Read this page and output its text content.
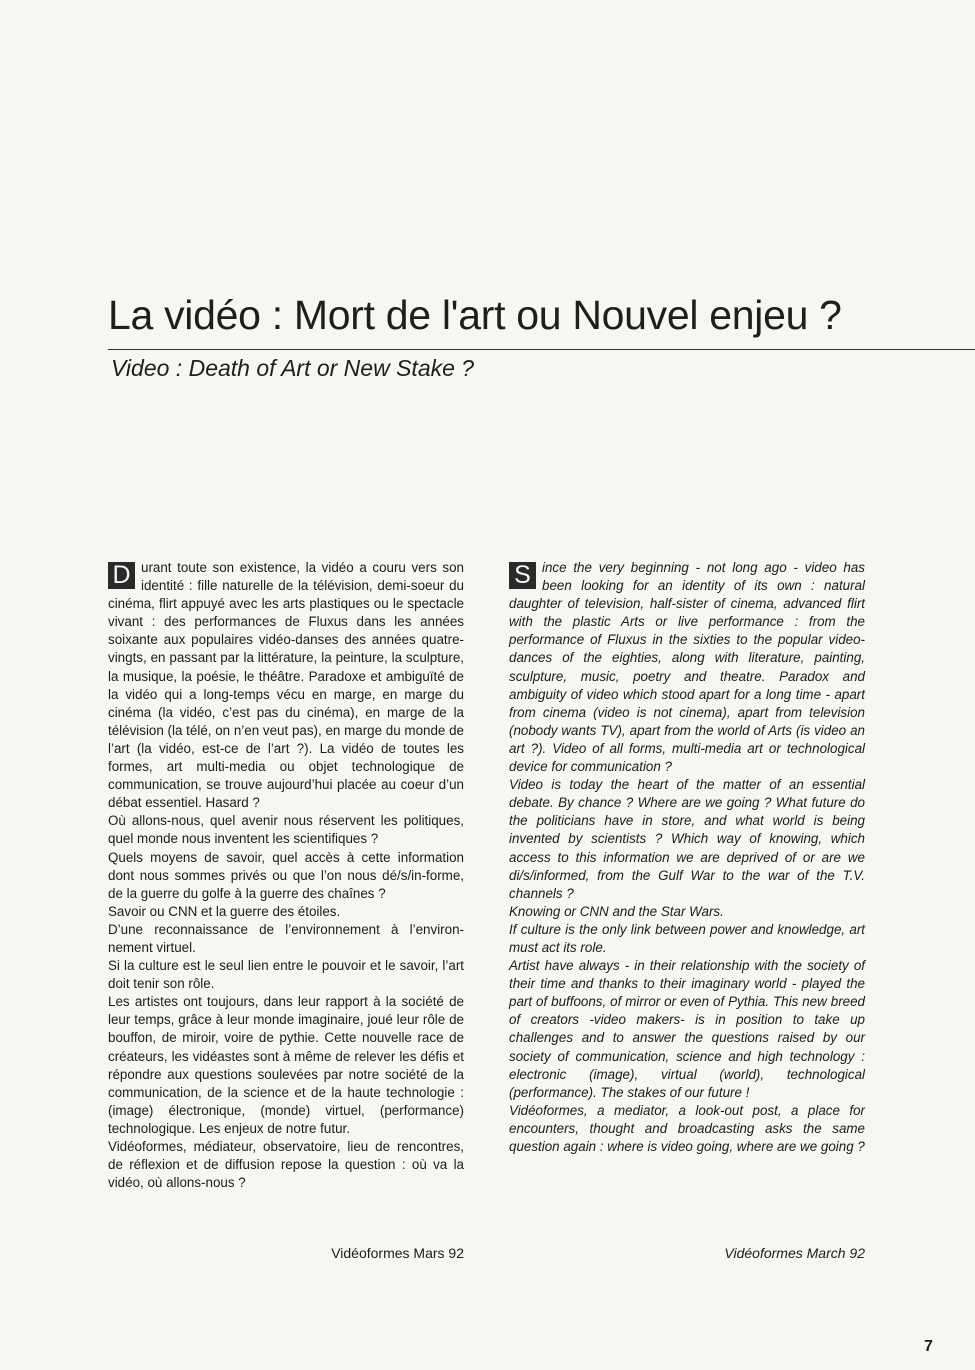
La vidéo : Mort de l'art ou Nouvel enjeu ?
Video : Death of Art or New Stake ?

D urant toute son existence, la vidéo a couru vers son identité : fille naturelle de la télévision, demi-soeur du cinéma, flirt appuyé avec les arts plastiques ou le spectacle vivant : des performances de Fluxus dans les années soixante aux populaires vidéo-danses des années quatre-vingts, en passant par la littérature, la peinture, la sculpture, la musique, la poésie, le théâtre. Paradoxe et ambiguïté de la vidéo qui a long-temps vécu en marge, en marge du cinéma (la vidéo, c’est pas du cinéma), en marge de la télévision (la télé, on n’en veut pas), en marge du monde de l’art (la vidéo, est-ce de l’art ?). La vidéo de toutes les formes, art multi-media ou objet technologique de communication, se trouve aujourd’hui placée au coeur d’un débat essentiel. Hasard ?

Où allons-nous, quel avenir nous réservent les politiques, quel monde nous inventent les scientifiques ?

Quels moyens de savoir, quel accès à cette information dont nous sommes privés ou que l’on nous dé/s/in-forme, de la guerre du golfe à la guerre des chaînes ?

Savoir ou CNN et la guerre des étoiles.

D’une reconnaissance de l’environnement à l’environ-nement virtuel.

Si la culture est le seul lien entre le pouvoir et le savoir, l’art doit tenir son rôle.

Les artistes ont toujours, dans leur rapport à la société de leur temps, grâce à leur monde imaginaire, joué leur rôle de bouffon, de miroir, voire de pythie. Cette nouvelle race de créateurs, les vidéastes sont à même de relever les défis et répondre aux questions soulevées par notre société de la communication, de la science et de la haute technologie : (image) électronique, (monde) virtuel, (performance) technologique. Les enjeux de notre futur.

Vidéoformes, médiateur, observatoire, lieu de rencontres, de réflexion et de diffusion repose la question : où va la vidéo, où allons-nous ?

S ince the very beginning - not long ago - video has been looking for an identity of its own : natural daughter of television, half-sister of cinema, advanced flirt with the plastic Arts or live performance : from the performance of Fluxus in the sixties to the popular video-dances of the eighties, along with literature, painting, sculpture, music, poetry and theatre. Paradox and ambiguity of video which stood apart for a long time - apart from cinema (video is not cinema), apart from television (nobody wants TV), apart from the world of Arts (is video an art ?). Video of all forms, multi-media art or technological device for communication ?

Video is today the heart of the matter of an essential debate. By chance ? Where are we going ? What future do the politicians have in store, and what world is being invented by scientists ? Which way of knowing, which access to this information we are deprived of or are we di/s/informed, from the Gulf War to the war of the T.V. channels ?

Knowing or CNN and the Star Wars.

If culture is the only link between power and knowledge, art must act its role.

Artist have always - in their relationship with the society of their time and thanks to their imaginary world - played the part of buffoons, of mirror or even of Pythia. This new breed of creators -video makers- is in position to take up challenges and to answer the questions raised by our society of communication, science and high technology : electronic (image), virtual (world), technological (performance). The stakes of our future !

Vidéoformes, a mediator, a look-out post, a place for encounters, thought and broadcasting asks the same question again : where is video going, where are we going ?

Vidéoformes Mars 92	Vidéoformes March 92
7
